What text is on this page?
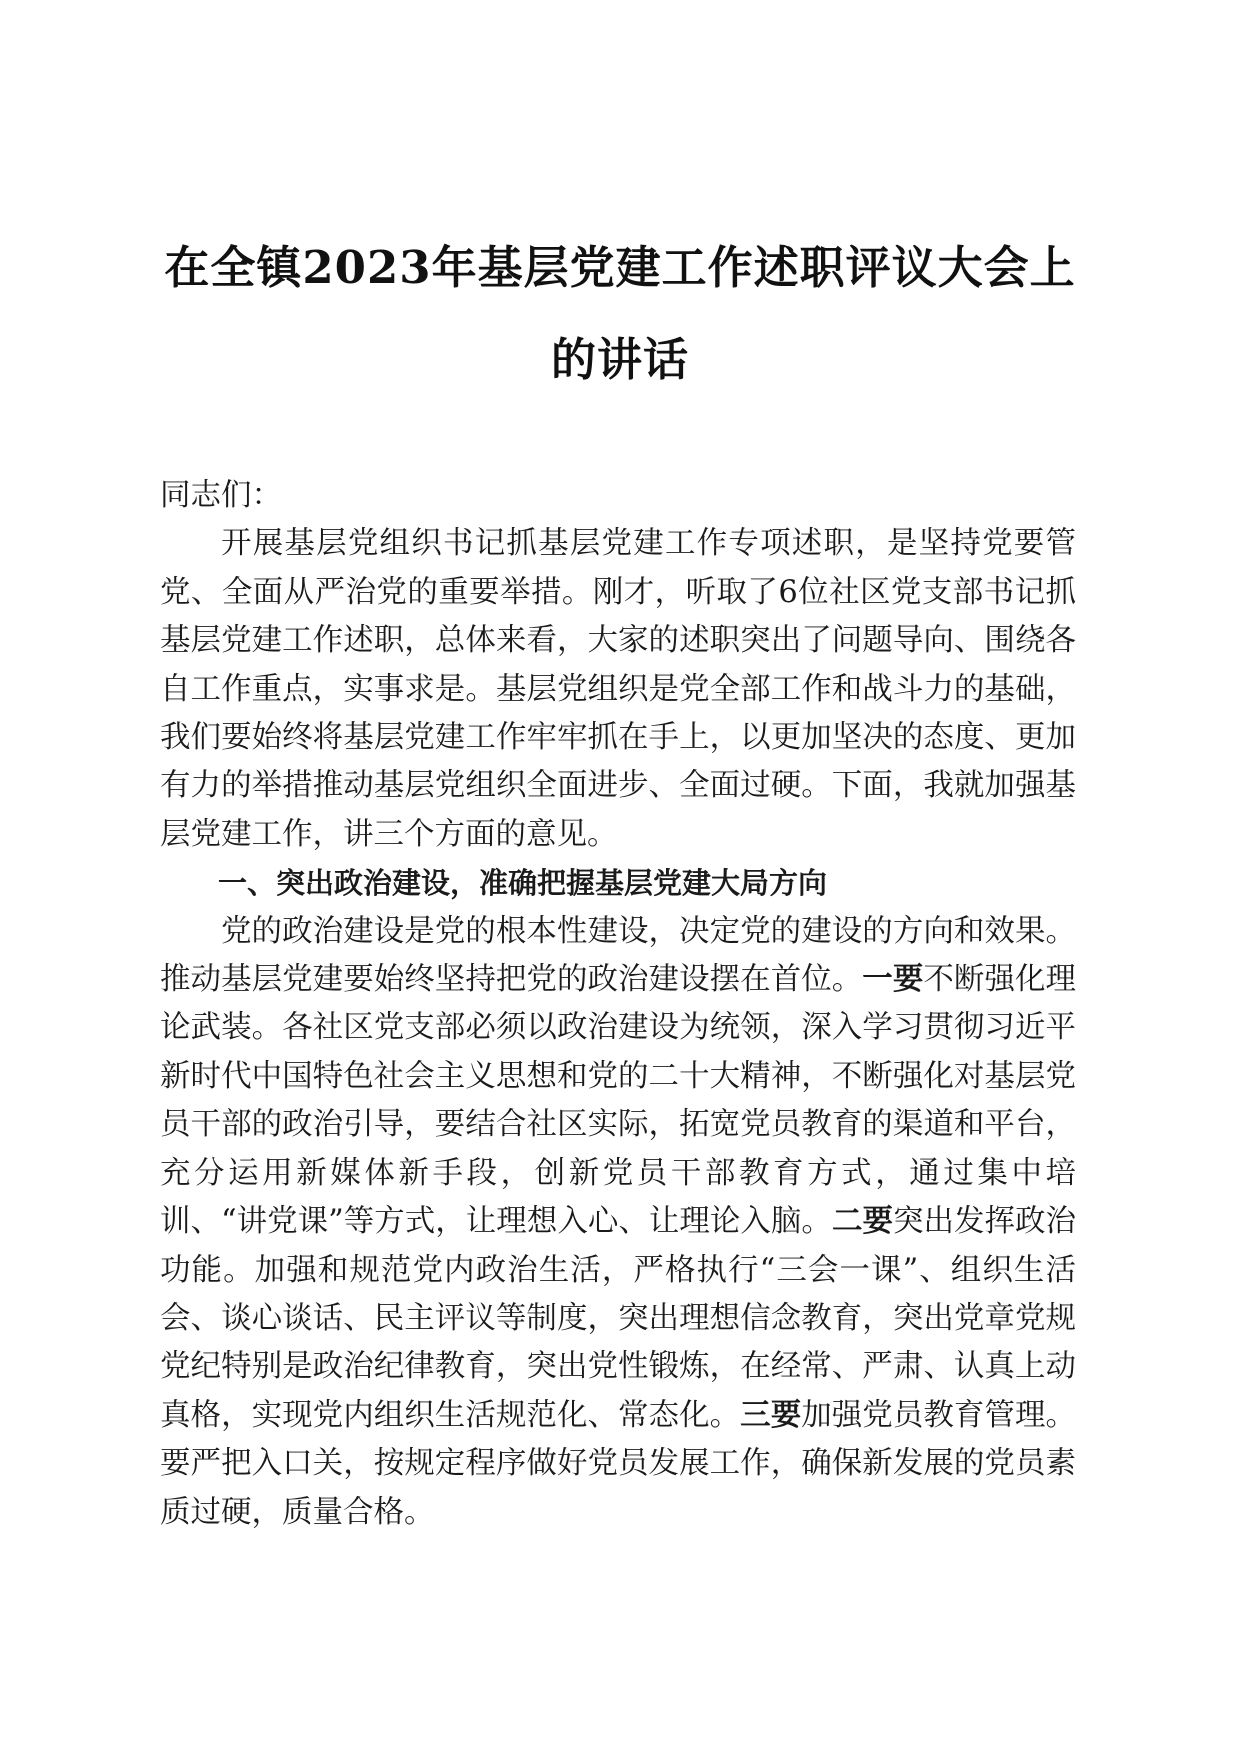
在全镇2023年基层党建工作述职评议大会上的讲话

同志们：

开展基层党组织书记抓基层党建工作专项述职，是坚持党要管党、全面从严治党的重要举措。刚才，听取了6位社区党支部书记抓基层党建工作述职，总体来看，大家的述职突出了问题导向、围绕各自工作重点，实事求是。基层党组织是党全部工作和战斗力的基础，我们要始终将基层党建工作牢牢抓在手上，以更加坚决的态度、更加有力的举措推动基层党组织全面进步、全面过硬。下面，我就加强基层党建工作，讲三个方面的意见。

一、突出政治建设，准确把握基层党建大局方向

党的政治建设是党的根本性建设，决定党的建设的方向和效果。推动基层党建要始终坚持把党的政治建设摆在首位。一要不断强化理论武装。各社区党支部必须以政治建设为统领，深入学习贯彻习近平新时代中国特色社会主义思想和党的二十大精神，不断强化对基层党员干部的政治引导，要结合社区实际，拓宽党员教育的渠道和平台，充分运用新媒体新手段，创新党员干部教育方式，通过集中培训、“讲党课”等方式，让理想入心、让理论入脑。二要突出发挥政治功能。加强和规范党内政治生活，严格执行“三会一课”、组织生活会、谈心谈话、民主评议等制度，突出理想信念教育，突出党章党规党纪特别是政治纪律教育，突出党性锻炼，在经常、严肃、认真上动真格，实现党内组织生活规范化、常态化。三要加强党员教育管理。要严把入口关，按规定程序做好党员发展工作，确保新发展的党员素质过硬，质量合格。
